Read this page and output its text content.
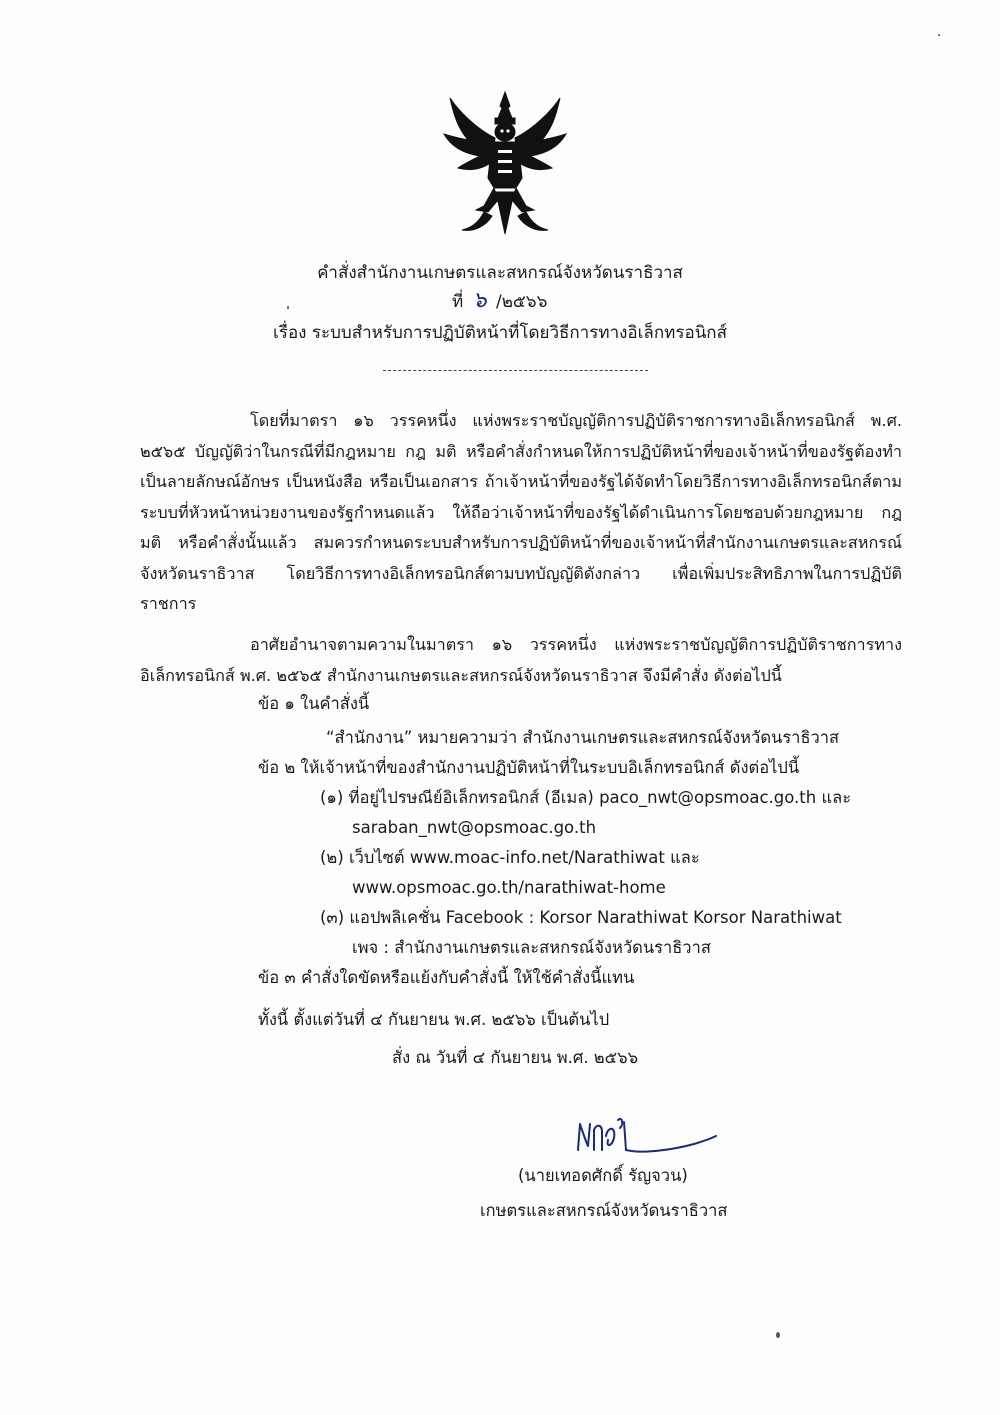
คำสั่งสำนักงานเกษตรและสหกรณ์จังหวัดนราธิวาส
ที่ ๖ /๒๕๖๖
เรื่อง ระบบสำหรับการปฏิบัติหน้าที่โดยวิธีการทางอิเล็กทรอนิกส์
โดยที่มาตรา ๑๖ วรรคหนึ่ง แห่งพระราชบัญญัติการปฏิบัติราชการทางอิเล็กทรอนิกส์ พ.ศ. ๒๕๖๕ บัญญัติว่าในกรณีที่มีกฎหมาย กฎ มติ หรือคำสั่งกำหนดให้การปฏิบัติหน้าที่ของเจ้าหน้าที่ของรัฐต้องทำเป็นลายลักษณ์อักษร เป็นหนังสือ หรือเป็นเอกสาร ถ้าเจ้าหน้าที่ของรัฐได้จัดทำโดยวิธีการทางอิเล็กทรอนิกส์ตามระบบที่หัวหน้าหน่วยงานของรัฐกำหนดแล้ว ให้ถือว่าเจ้าหน้าที่ของรัฐได้ดำเนินการโดยชอบด้วยกฎหมาย กฎ มติ หรือคำสั่งนั้นแล้ว สมควรกำหนดระบบสำหรับการปฏิบัติหน้าที่ของเจ้าหน้าที่สำนักงานเกษตรและสหกรณ์จังหวัดนราธิวาส โดยวิธีการทางอิเล็กทรอนิกส์ตามบทบัญญัติดังกล่าว เพื่อเพิ่มประสิทธิภาพในการปฏิบัติราชการ
อาศัยอำนาจตามความในมาตรา ๑๖ วรรคหนึ่ง แห่งพระราชบัญญัติการปฏิบัติราชการทางอิเล็กทรอนิกส์ พ.ศ. ๒๕๖๕ สำนักงานเกษตรและสหกรณ์จังหวัดนราธิวาส จึงมีคำสั่ง ดังต่อไปนี้
ข้อ ๑ ในคำสั่งนี้
“สำนักงาน” หมายความว่า สำนักงานเกษตรและสหกรณ์จังหวัดนราธิวาส
ข้อ ๒ ให้เจ้าหน้าที่ของสำนักงานปฏิบัติหน้าที่ในระบบอิเล็กทรอนิกส์ ดังต่อไปนี้
(๑) ที่อยู่ไปรษณีย์อิเล็กทรอนิกส์ (อีเมล) paco_nwt@opsmoac.go.th และ
saraban_nwt@opsmoac.go.th
(๒) เว็บไซต์ www.moac-info.net/Narathiwat และ
www.opsmoac.go.th/narathiwat-home
(๓) แอปพลิเคชั่น Facebook : Korsor Narathiwat Korsor Narathiwat
เพจ : สำนักงานเกษตรและสหกรณ์จังหวัดนราธิวาส
ข้อ ๓ คำสั่งใดขัดหรือแย้งกับคำสั่งนี้ ให้ใช้คำสั่งนี้แทน
ทั้งนี้ ตั้งแต่วันที่ ๔ กันยายน พ.ศ. ๒๕๖๖ เป็นต้นไป
สั่ง ณ วันที่ ๔ กันยายน พ.ศ. ๒๕๖๖
(นายเทอดศักดิ์ รัญจวน)
เกษตรและสหกรณ์จังหวัดนราธิวาส
